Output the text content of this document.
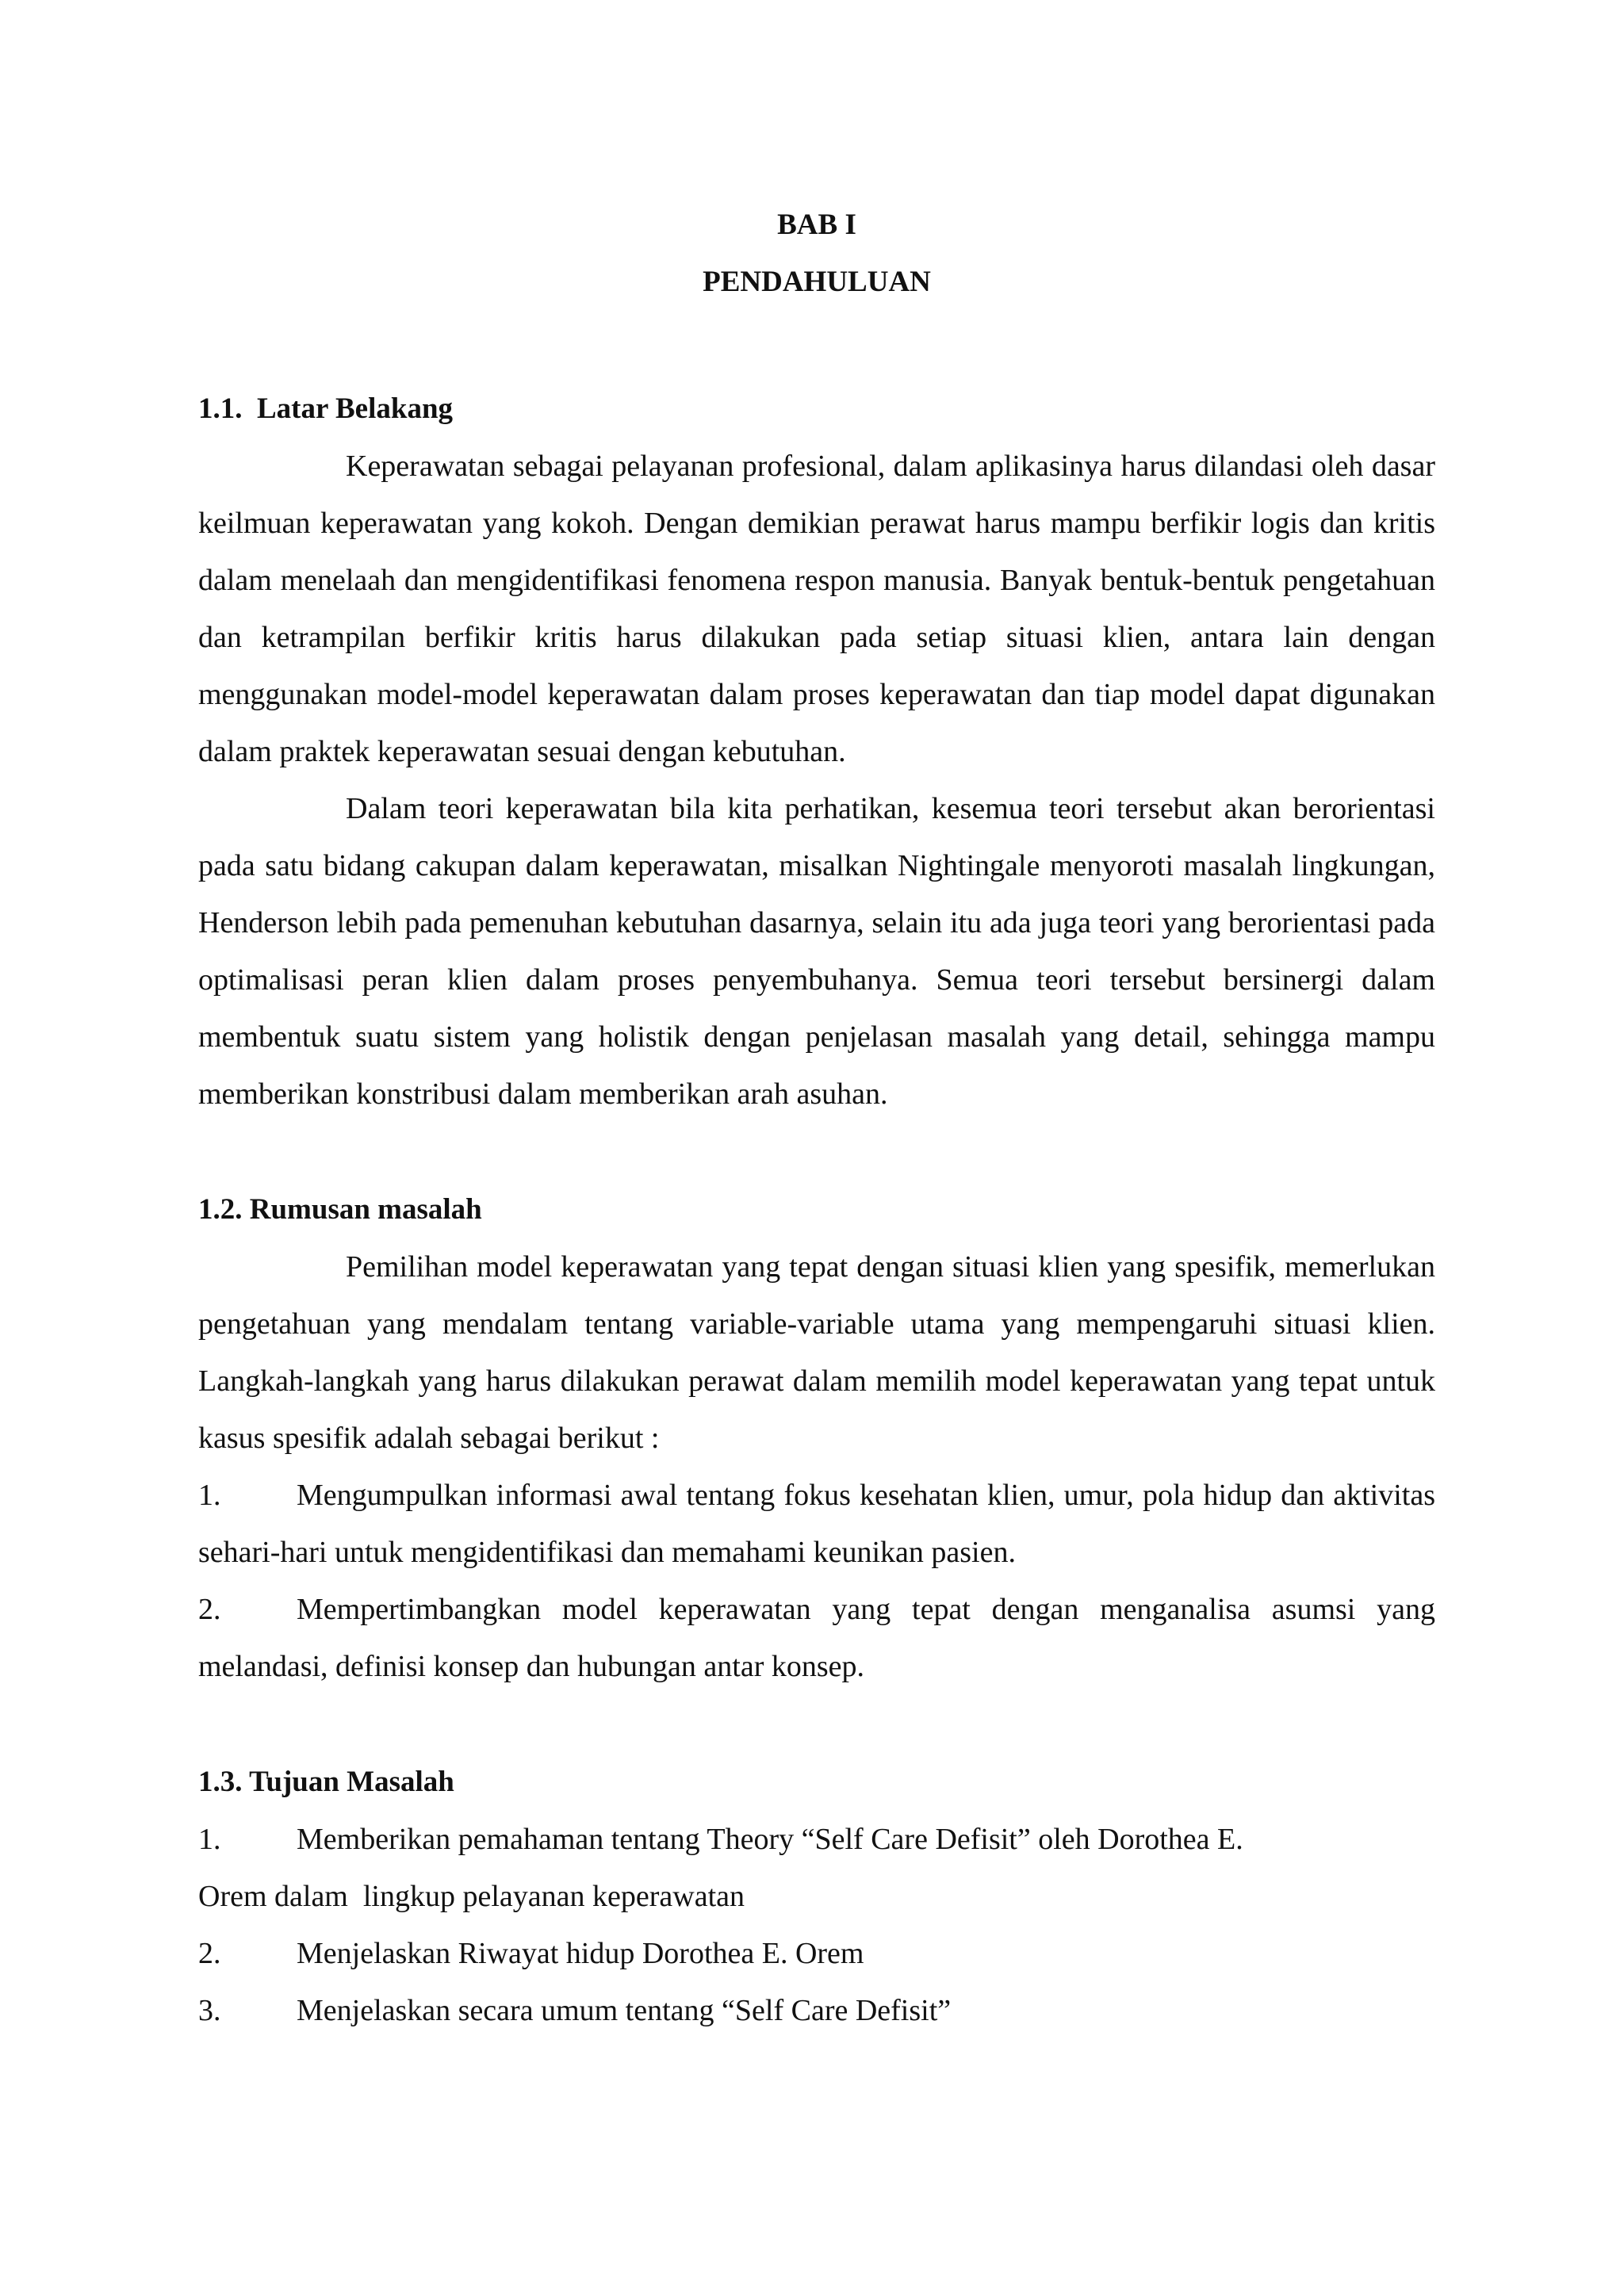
BAB I

PENDAHULUAN

1.1. Latar Belakang

Keperawatan sebagai pelayanan profesional, dalam aplikasinya harus dilandasi oleh dasar keilmuan keperawatan yang kokoh. Dengan demikian perawat harus mampu berfikir logis dan kritis dalam menelaah dan mengidentifikasi fenomena respon manusia. Banyak bentuk-bentuk pengetahuan dan ketrampilan berfikir kritis harus dilakukan pada setiap situasi klien, antara lain dengan menggunakan model-model keperawatan dalam proses keperawatan dan tiap model dapat digunakan dalam praktek keperawatan sesuai dengan kebutuhan.

Dalam teori keperawatan bila kita perhatikan, kesemua teori tersebut akan berorientasi pada satu bidang cakupan dalam keperawatan, misalkan Nightingale menyoroti masalah lingkungan, Henderson lebih pada pemenuhan kebutuhan dasarnya, selain itu ada juga teori yang berorientasi pada optimalisasi peran klien dalam proses penyembuhanya. Semua teori tersebut bersinergi dalam membentuk suatu sistem yang holistik dengan penjelasan masalah yang detail, sehingga mampu memberikan konstribusi dalam memberikan arah asuhan.

1.2. Rumusan masalah

Pemilihan model keperawatan yang tepat dengan situasi klien yang spesifik, memerlukan pengetahuan yang mendalam tentang variable-variable utama yang mempengaruhi situasi klien. Langkah-langkah yang harus dilakukan perawat dalam memilih model keperawatan yang tepat untuk kasus spesifik adalah sebagai berikut :

1.	Mengumpulkan informasi awal tentang fokus kesehatan klien, umur, pola hidup dan aktivitas sehari-hari untuk mengidentifikasi dan memahami keunikan pasien.

2.	Mempertimbangkan model keperawatan yang tepat dengan menganalisa asumsi yang melandasi, definisi konsep dan hubungan antar konsep.

1.3. Tujuan Masalah

1.	Memberikan pemahaman tentang Theory “Self Care Defisit” oleh Dorothea E.

Orem dalam  lingkup pelayanan keperawatan

2.	Menjelaskan Riwayat hidup Dorothea E. Orem

3.	Menjelaskan secara umum tentang “Self Care Defisit”
